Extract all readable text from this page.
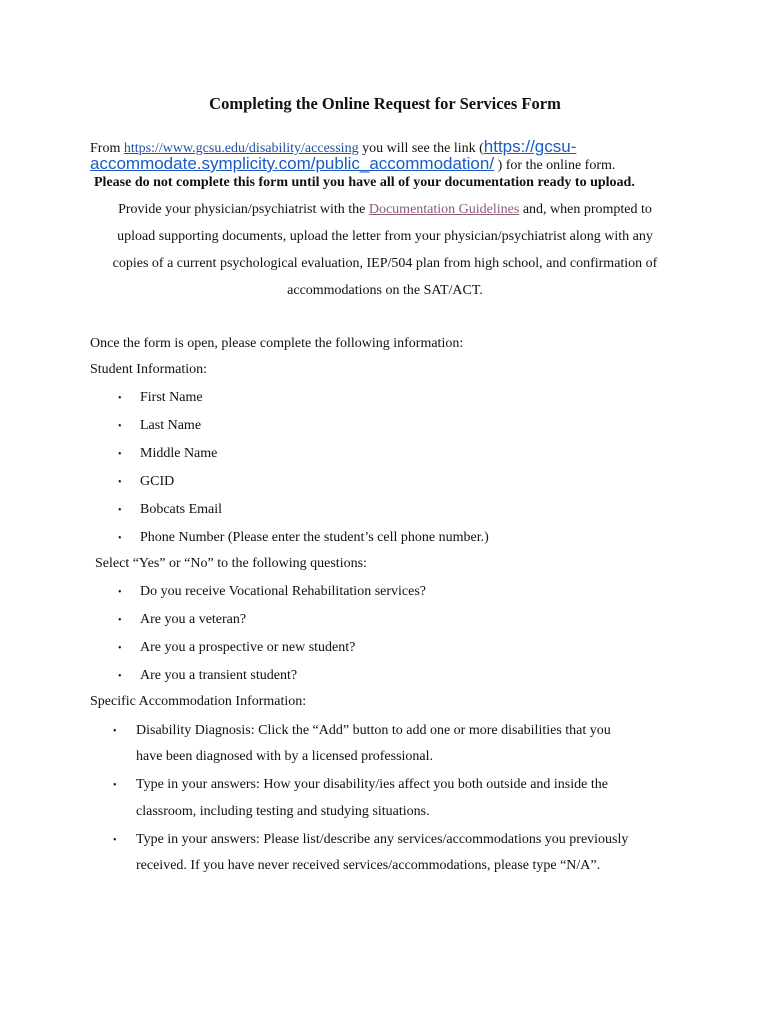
Completing the Online Request for Services Form
From https://www.gcsu.edu/disability/accessing you will see the link (https://gcsu-
accommodate.symplicity.com/public_accommodation/ ) for the online form.
Please do not complete this form until you have all of your documentation ready to upload.
Provide your physician/psychiatrist with the Documentation Guidelines and, when prompted to
upload supporting documents, upload the letter from your physician/psychiatrist along with any
copies of a current psychological evaluation, IEP/504 plan from high school, and confirmation of
accommodations on the SAT/ACT.
Once the form is open, please complete the following information:
Student Information:
• First Name
• Last Name
• Middle Name
• GCID
• Bobcats Email
• Phone Number (Please enter the student’s cell phone number.)
Select “Yes” or “No” to the following questions:
• Do you receive Vocational Rehabilitation services?
• Are you a veteran?
• Are you a prospective or new student?
• Are you a transient student?
Specific Accommodation Information:
• Disability Diagnosis: Click the “Add” button to add one or more disabilities that you
have been diagnosed with by a licensed professional.
• Type in your answers: How your disability/ies affect you both outside and inside the
classroom, including testing and studying situations.
• Type in your answers: Please list/describe any services/accommodations you previously
received. If you have never received services/accommodations, please type “N/A”.
